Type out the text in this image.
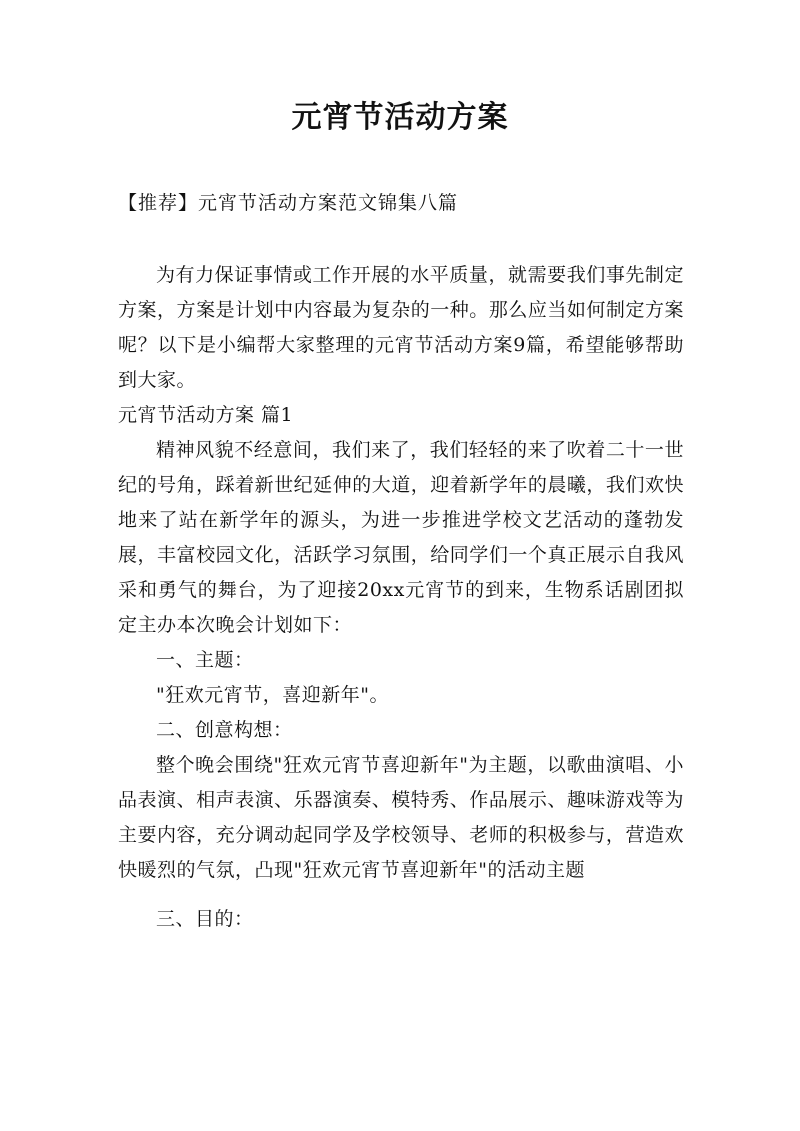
元宵节活动方案
【推荐】元宵节活动方案范文锦集八篇

为有力保证事情或工作开展的水平质量，就需要我们事先制定方案，方案是计划中内容最为复杂的一种。那么应当如何制定方案呢？以下是小编帮大家整理的元宵节活动方案9篇，希望能够帮助到大家。

元宵节活动方案 篇1

精神风貌不经意间，我们来了，我们轻轻的来了吹着二十一世纪的号角，踩着新世纪延伸的大道，迎着新学年的晨曦，我们欢快地来了站在新学年的源头，为进一步推进学校文艺活动的蓬勃发展，丰富校园文化，活跃学习氛围，给同学们一个真正展示自我风采和勇气的舞台，为了迎接20xx元宵节的到来，生物系话剧团拟定主办本次晚会计划如下：

一、主题：

"狂欢元宵节，喜迎新年"。

二、创意构想：

整个晚会围绕"狂欢元宵节喜迎新年"为主题，以歌曲演唱、小品表演、相声表演、乐器演奏、模特秀、作品展示、趣味游戏等为主要内容，充分调动起同学及学校领导、老师的积极参与，营造欢快暖烈的气氛，凸现"狂欢元宵节喜迎新年"的活动主题

三、目的：
